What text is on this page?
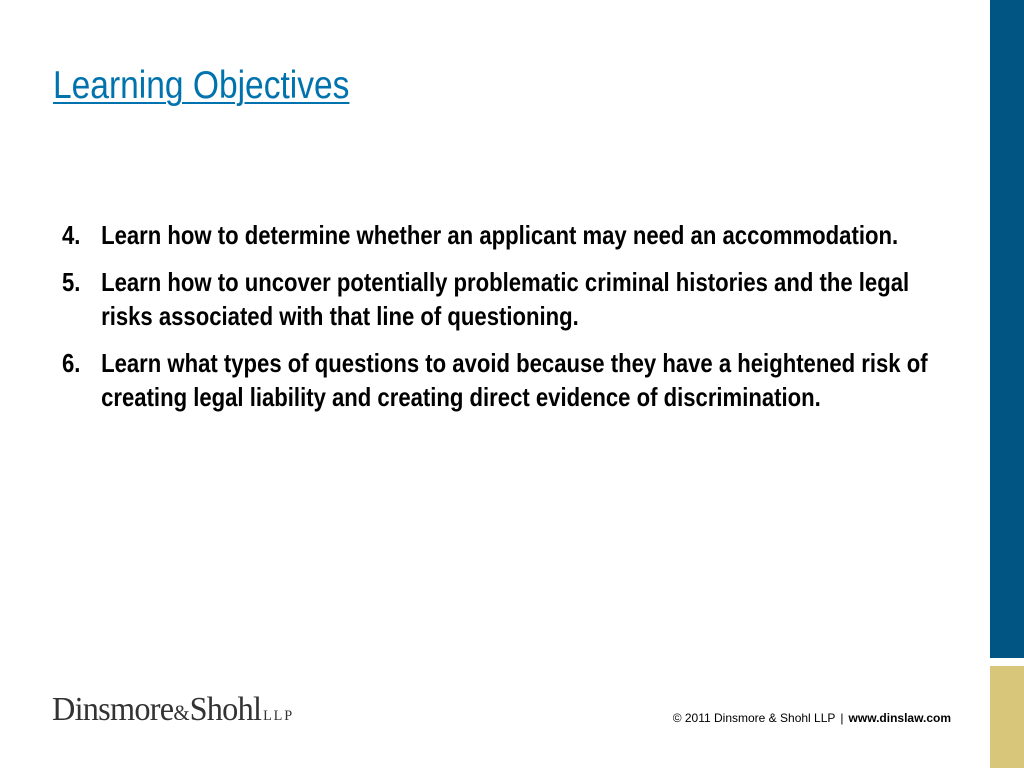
Learning Objectives
4. Learn how to determine whether an applicant may need an accommodation.
5. Learn how to uncover potentially problematic criminal histories and the legal risks associated with that line of questioning.
6. Learn what types of questions to avoid because they have a heightened risk of creating legal liability and creating direct evidence of discrimination.
Dinsmore&Shohl LLP	© 2011 Dinsmore & Shohl LLP | www.dinslaw.com
